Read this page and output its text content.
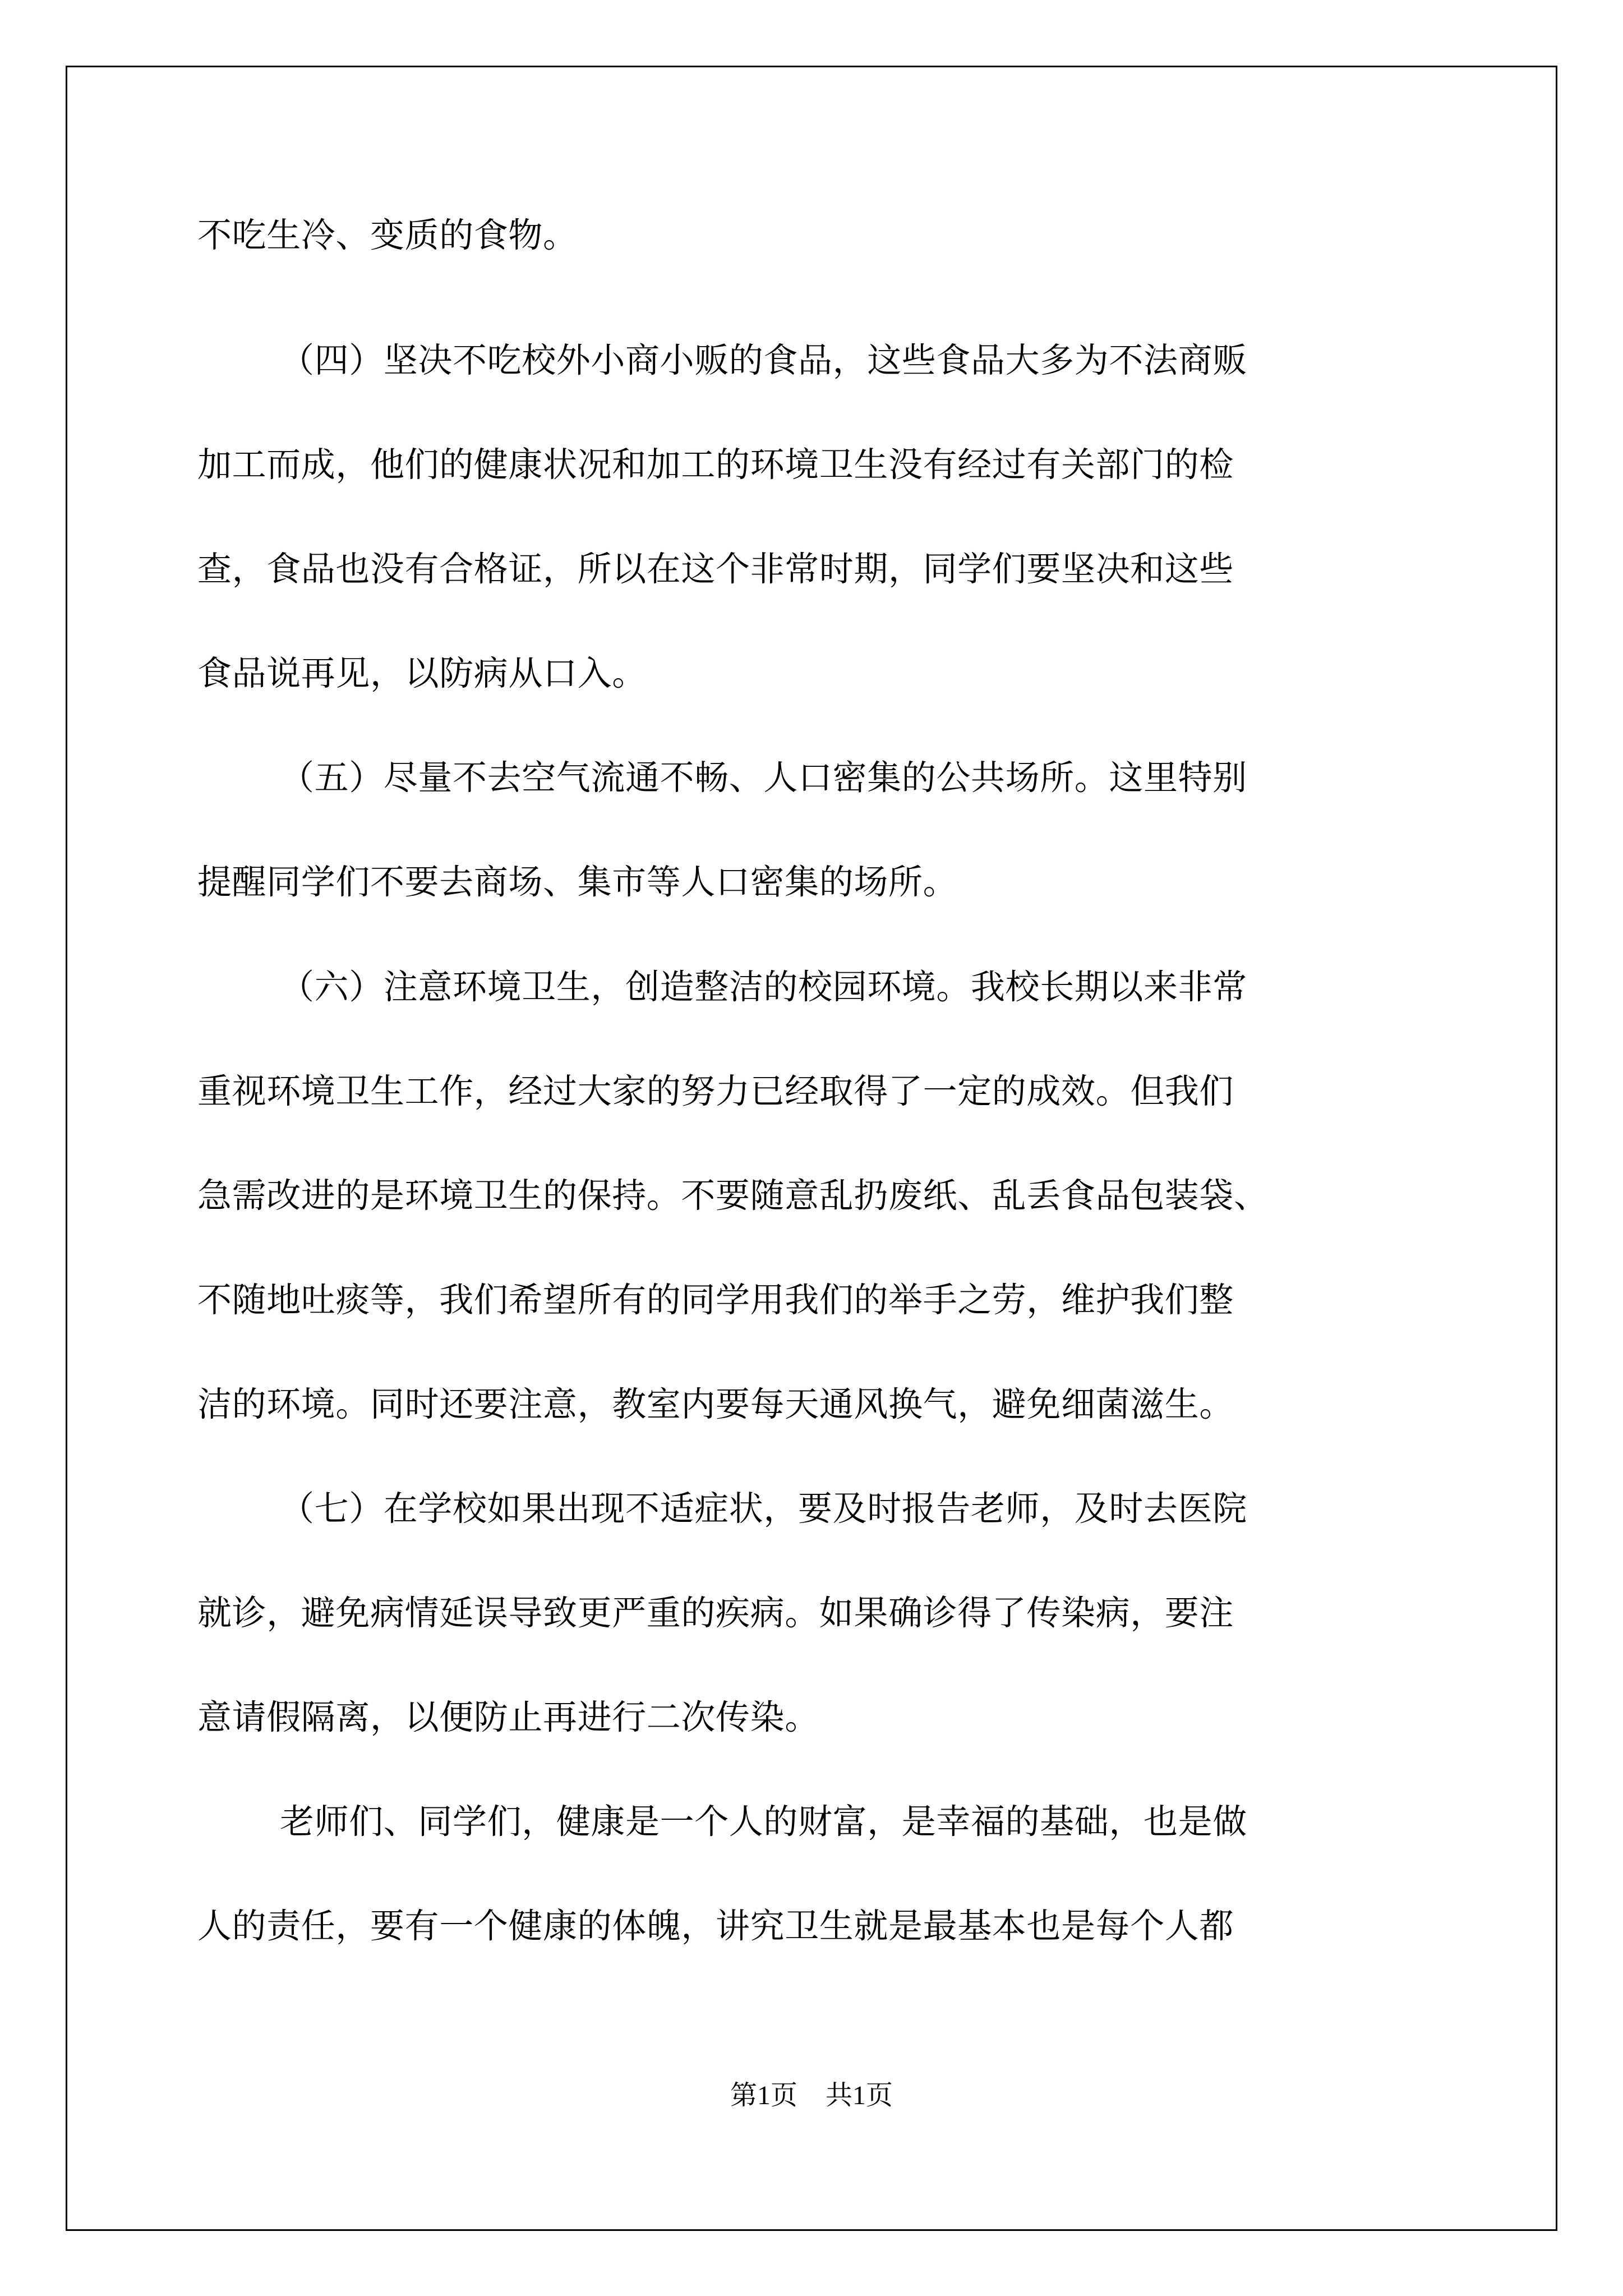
不吃生冷、变质的食物。
（四）坚决不吃校外小商小贩的食品，这些食品大多为不法商贩
加工而成，他们的健康状况和加工的环境卫生没有经过有关部门的检
查，食品也没有合格证，所以在这个非常时期，同学们要坚决和这些
食品说再见，以防病从口入。
（五）尽量不去空气流通不畅、人口密集的公共场所。这里特别
提醒同学们不要去商场、集市等人口密集的场所。
（六）注意环境卫生，创造整洁的校园环境。我校长期以来非常
重视环境卫生工作，经过大家的努力已经取得了一定的成效。但我们
急需改进的是环境卫生的保持。不要随意乱扔废纸、乱丢食品包装袋、
不随地吐痰等，我们希望所有的同学用我们的举手之劳，维护我们整
洁的环境。同时还要注意，教室内要每天通风换气，避免细菌滋生。
（七）在学校如果出现不适症状，要及时报告老师，及时去医院
就诊，避免病情延误导致更严重的疾病。如果确诊得了传染病，要注
意请假隔离，以便防止再进行二次传染。
老师们、同学们，健康是一个人的财富，是幸福的基础，也是做
人的责任，要有一个健康的体魄，讲究卫生就是最基本也是每个人都
第1页 共1页
